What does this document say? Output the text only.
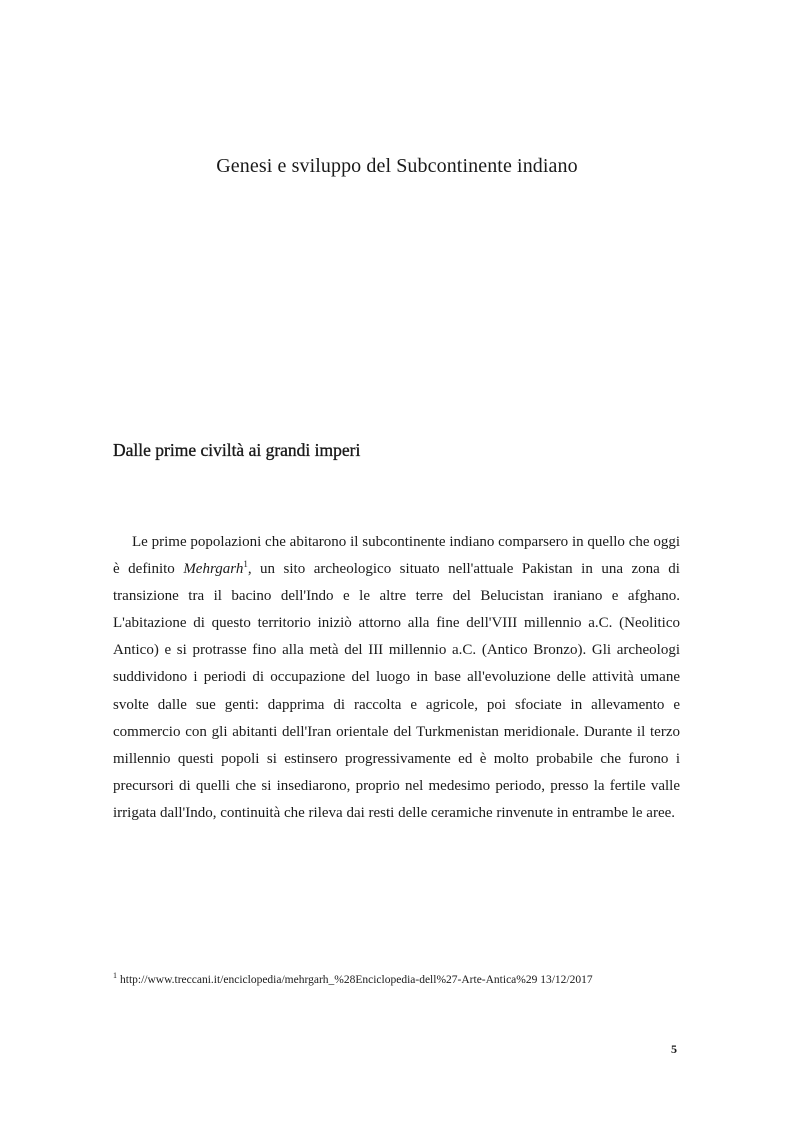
Genesi e sviluppo del Subcontinente indiano
Dalle prime civiltà ai grandi imperi

Le prime popolazioni che abitarono il subcontinente indiano comparsero in quello che oggi è definito Mehrgarh$^1$, un sito archeologico situato nell'attuale Pakistan in una zona di transizione tra il bacino dell'Indo e le altre terre del Belucistan iraniano e afghano. L'abitazione di questo territorio iniziò attorno alla fine dell'VIII millennio a.C. (Neolitico Antico) e si protrasse fino alla metà del III millennio a.C. (Antico Bronzo). Gli archeologi suddividono i periodi di occupazione del luogo in base all'evoluzione delle attività umane svolte dalle sue genti: dapprima di raccolta e agricole, poi sfociate in allevamento e commercio con gli abitanti dell'Iran orientale del Turkmenistan meridionale. Durante il terzo millennio questi popoli si estinsero progressivamente ed è molto probabile che furono i precursori di quelli che si insediarono, proprio nel medesimo periodo, presso la fertile valle irrigata dall'Indo, continuità che rileva dai resti delle ceramiche rinvenute in entrambe le aree.

$^1$ http://www.treccani.it/enciclopedia/mehrgarh_%28Enciclopedia-dell%27-Arte-Antica%29 13/12/2017
5
